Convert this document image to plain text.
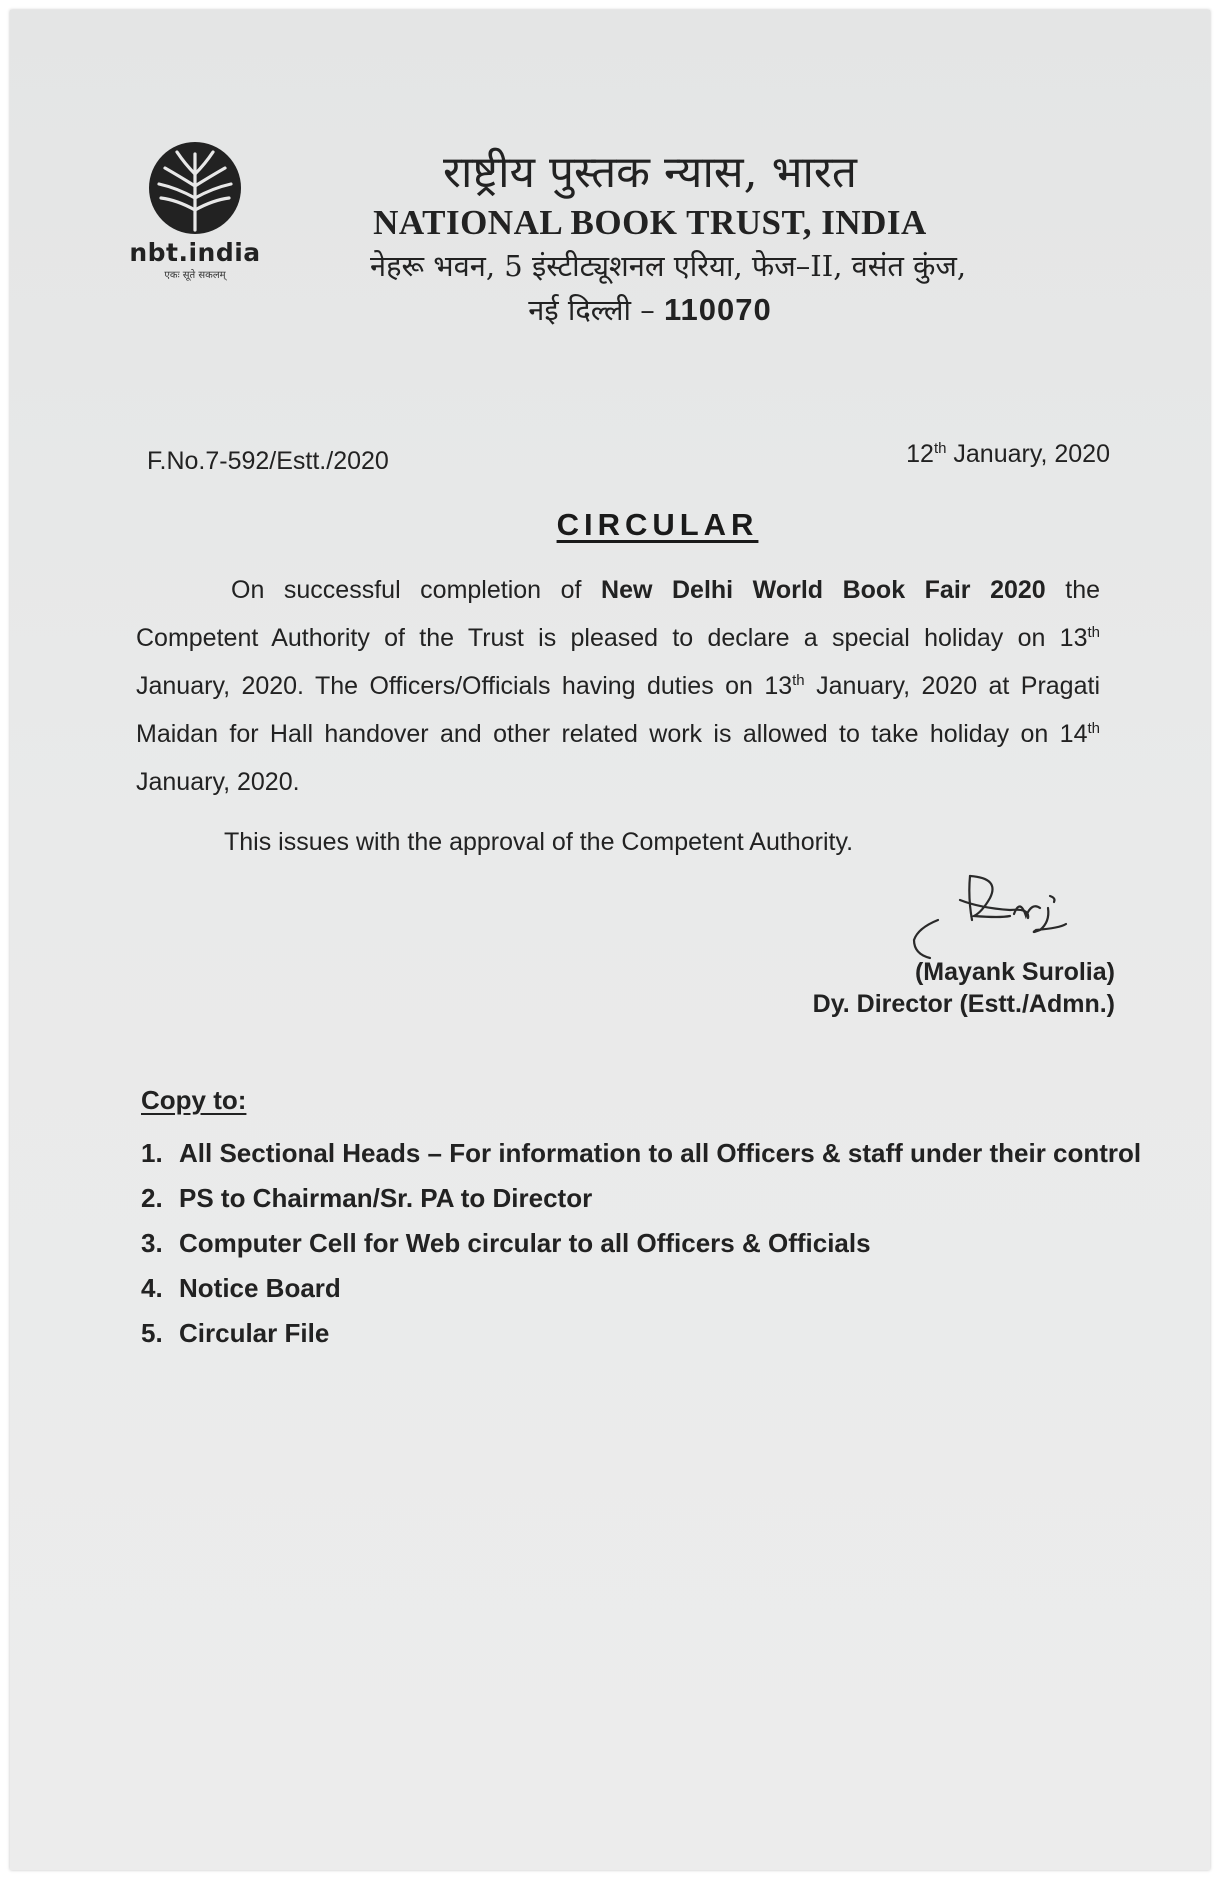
nbt.india
एकः सूते सकलम्
राष्ट्रीय पुस्तक न्यास, भारत
NATIONAL BOOK TRUST, INDIA
नेहरू भवन, 5 इंस्टीट्यूशनल एरिया, फेज–II, वसंत कुंज,
नई दिल्ली – 110070
F.No.7-592/Estt./2020	12th January, 2020
CIRCULAR
On successful completion of New Delhi World Book Fair 2020 the Competent Authority of the Trust is pleased to declare a special holiday on 13th January, 2020. The Officers/Officials having duties on 13th January, 2020 at Pragati Maidan for Hall handover and other related work is allowed to take holiday on 14th January, 2020.
This issues with the approval of the Competent Authority.
(Mayank Surolia)
Dy. Director (Estt./Admn.)
Copy to:
1. All Sectional Heads – For information to all Officers & staff under their control
2. PS to Chairman/Sr. PA to Director
3. Computer Cell for Web circular to all Officers & Officials
4. Notice Board
5. Circular File
